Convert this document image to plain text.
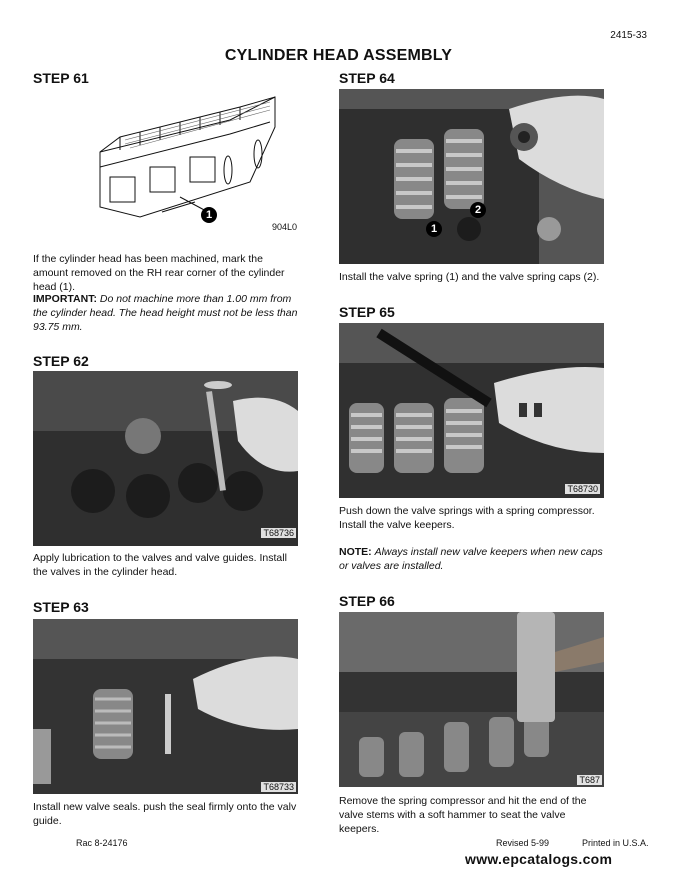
2415-33
CYLINDER HEAD ASSEMBLY
STEP 61
1
904L0
If the cylinder head has been machined, mark the amount removed on the RH rear corner of the cylinder head (1).
IMPORTANT: Do not machine more than 1.00 mm from the cylinder head. The head height must not be less than 93.75 mm.
STEP 62
T68736
Apply lubrication to the valves and valve guides. Install the valves in the cylinder head.
STEP 63
T68733
Install new valve seals. push the seal firmly onto the valv guide.
STEP 64
1
2
Install the valve spring (1) and the valve spring caps (2).
STEP 65
T68730
Push down the valve springs with a spring compressor. Install the valve keepers.
NOTE: Always install new valve keepers when new caps or valves are installed.
STEP 66
T687
Remove the spring compressor and hit the end of the valve stems with a soft hammer to seat the valve keepers.
Rac 8-24176	Revised 5-99	Printed in U.S.A.
www.epcatalogs.com
